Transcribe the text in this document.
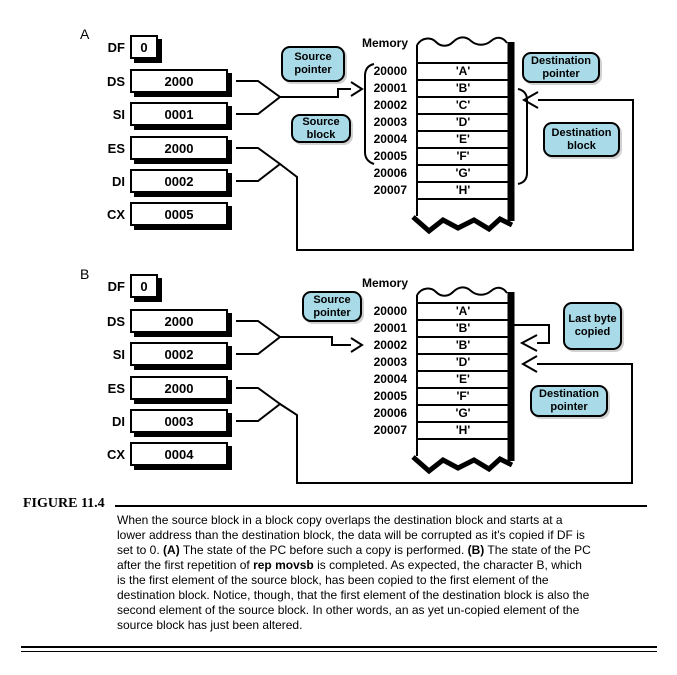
A
DF 0
DS	2000
SI	0001
ES	2000
DI	0002
CX	0005
Memory
20000	'A'
20001	'B'
20002	'C'
20003	'D'
20004	'E'
20005	'F'
20006	'G'
20007	'H'
Source pointer
Source block
Destination pointer
Destination block
B
DF 0
DS	2000
SI	0002
ES	2000
DI	0003
CX	0004
Memory
20000	'A'
20001	'B'
20002	'B'
20003	'D'
20004	'E'
20005	'F'
20006	'G'
20007	'H'
Source pointer
Last byte copied
Destination pointer
FIGURE 11.4
When the source block in a block copy overlaps the destination block and starts at a
lower address than the destination block, the data will be corrupted as it's copied if DF is
set to 0. (A) The state of the PC before such a copy is performed. (B) The state of the PC
after the first repetition of rep movsb is completed. As expected, the character B, which
is the first element of the source block, has been copied to the first element of the
destination block. Notice, though, that the first element of the destination block is also the
second element of the source block. In other words, an as yet un-copied element of the
source block has just been altered.
